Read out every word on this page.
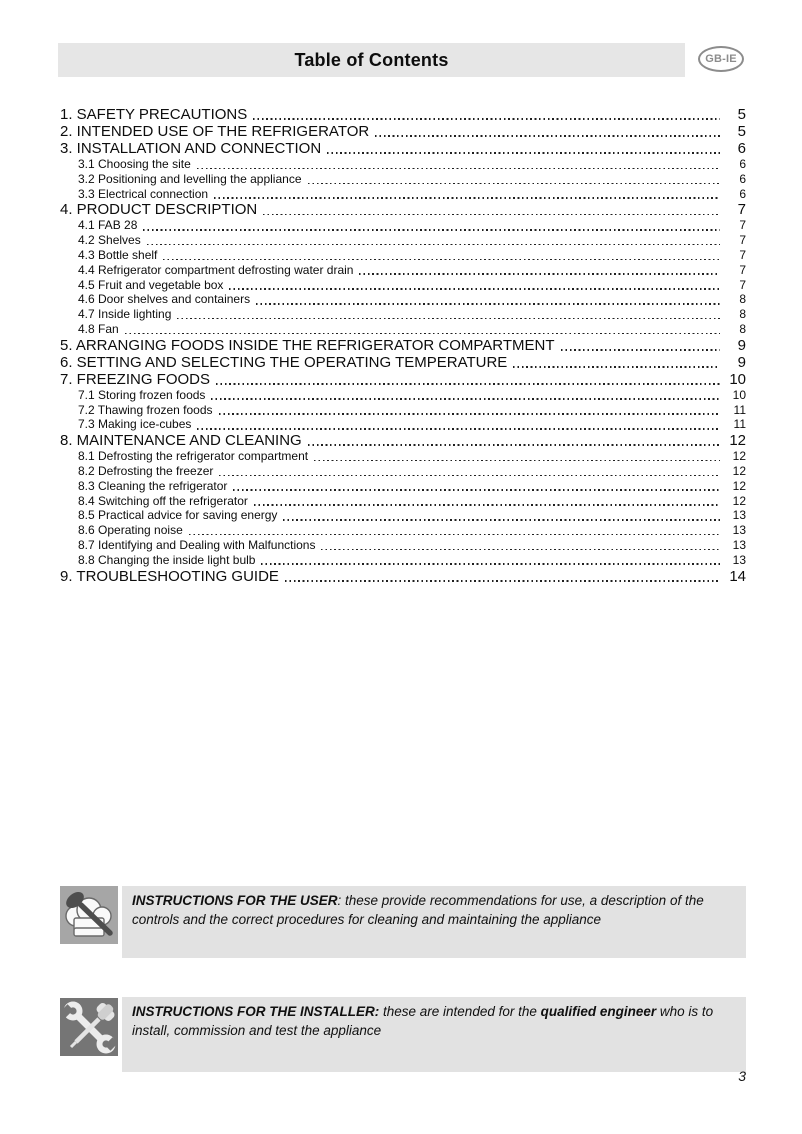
Table of Contents	GB-IE
1. SAFETY PRECAUTIONS	5
2. INTENDED USE OF THE REFRIGERATOR	5
3. INSTALLATION AND CONNECTION	6
3.1 Choosing the site	6
3.2 Positioning and levelling the appliance	6
3.3 Electrical connection	6
4. PRODUCT DESCRIPTION	7
4.1 FAB 28	7
4.2 Shelves	7
4.3 Bottle shelf	7
4.4 Refrigerator compartment defrosting water drain	7
4.5 Fruit and vegetable box	7
4.6 Door shelves and containers	8
4.7 Inside lighting	8
4.8 Fan	8
5. ARRANGING FOODS INSIDE THE REFRIGERATOR COMPARTMENT	9
6. SETTING AND SELECTING THE OPERATING TEMPERATURE	9
7. FREEZING FOODS	10
7.1 Storing frozen foods	10
7.2 Thawing frozen foods	11
7.3 Making ice-cubes	11
8. MAINTENANCE AND CLEANING	12
8.1 Defrosting the refrigerator compartment	12
8.2 Defrosting the freezer	12
8.3 Cleaning the refrigerator	12
8.4 Switching off the refrigerator	12
8.5 Practical advice for saving energy	13
8.6 Operating noise	13
8.7 Identifying and Dealing with Malfunctions	13
8.8 Changing the inside light bulb	13
9. TROUBLESHOOTING GUIDE	14
INSTRUCTIONS FOR THE USER: these provide recommendations for use, a description of the controls and the correct procedures for cleaning and maintaining the appliance
INSTRUCTIONS FOR THE INSTALLER: these are intended for the qualified engineer who is to install, commission and test the appliance
3
